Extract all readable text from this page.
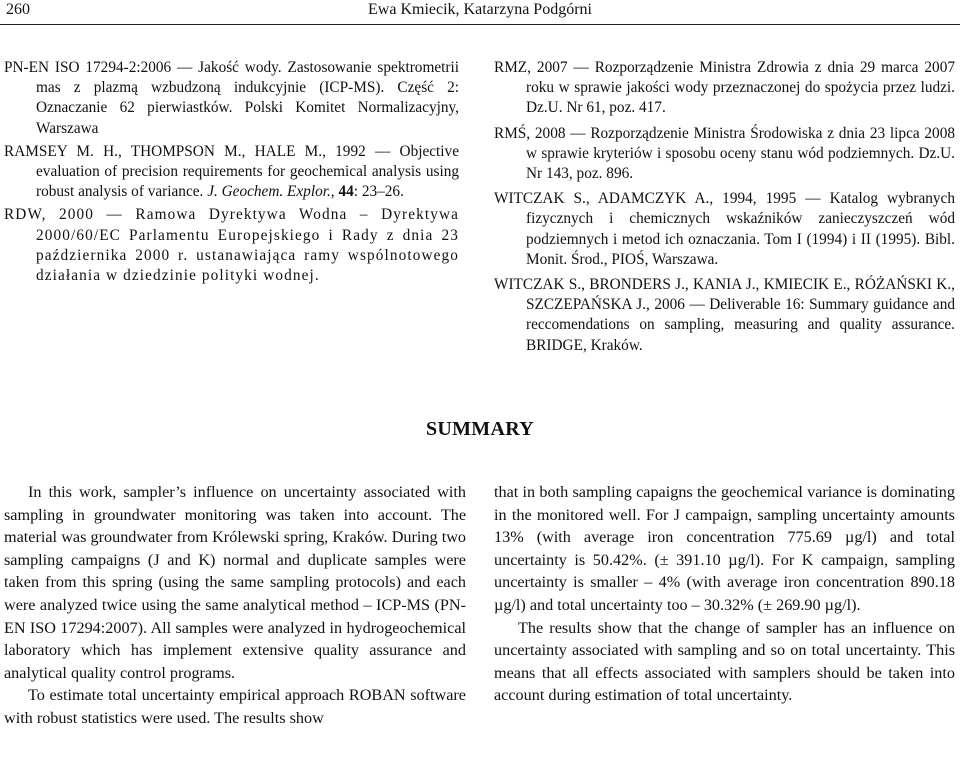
260	Ewa Kmiecik, Katarzyna Podgórni

PN-EN ISO 17294-2:2006 — Jakość wody. Zastosowanie spektrometrii mas z plazmą wzbudzoną indukcyjnie (ICP-MS). Część 2: Oznaczanie 62 pierwiastków. Polski Komitet Normalizacyjny, Warszawa

RAMSEY M. H., THOMPSON M., HALE M., 1992 — Objective evaluation of precision requirements for geochemical analysis using robust analysis of variance. J. Geochem. Explor., 44: 23–26.

RDW, 2000 — Ramowa Dyrektywa Wodna – Dyrektywa 2000/60/EC Parlamentu Europejskiego i Rady z dnia 23 października 2000 r. ustanawiająca ramy wspólnotowego działania w dziedzinie polityki wodnej.

RMZ, 2007 — Rozporządzenie Ministra Zdrowia z dnia 29 marca 2007 roku w sprawie jakości wody przeznaczonej do spożycia przez ludzi. Dz.U. Nr 61, poz. 417.

RMŚ, 2008 — Rozporządzenie Ministra Środowiska z dnia 23 lipca 2008 w sprawie kryteriów i sposobu oceny stanu wód podziemnych. Dz.U. Nr 143, poz. 896.

WITCZAK S., ADAMCZYK A., 1994, 1995 — Katalog wybranych fizycznych i chemicznych wskaźników zanieczyszczeń wód podziemnych i metod ich oznaczania. Tom I (1994) i II (1995). Bibl. Monit. Środ., PIOŚ, Warszawa.

WITCZAK S., BRONDERS J., KANIA J., KMIECIK E., RÓŻAŃSKI K., SZCZEPAŃSKA J., 2006 — Deliverable 16: Summary guidance and reccomendations on sampling, measuring and quality assurance. BRIDGE, Kraków.

SUMMARY

In this work, sampler’s influence on uncertainty associated with sampling in groundwater monitoring was taken into account. The material was groundwater from Królewski spring, Kraków. During two sampling campaigns (J and K) normal and duplicate samples were taken from this spring (using the same sampling protocols) and each were analyzed twice using the same analytical method – ICP-MS (PN-EN ISO 17294:2007). All samples were analyzed in hydrogeochemical laboratory which has implement extensive quality assurance and analytical quality control programs.

To estimate total uncertainty empirical approach ROBAN software with robust statistics were used. The results show

that in both sampling capaigns the geochemical variance is dominating in the monitored well. For J campaign, sampling uncertainty amounts 13% (with average iron concentration 775.69 µg/l) and total uncertainty is 50.42%. (± 391.10 µg/l). For K campaign, sampling uncertainty is smaller – 4% (with average iron concentration 890.18 µg/l) and total uncertainty too – 30.32% (± 269.90 µg/l).

The results show that the change of sampler has an influence on uncertainty associated with sampling and so on total uncertainty. This means that all effects associated with samplers should be taken into account during estimation of total uncertainty.
